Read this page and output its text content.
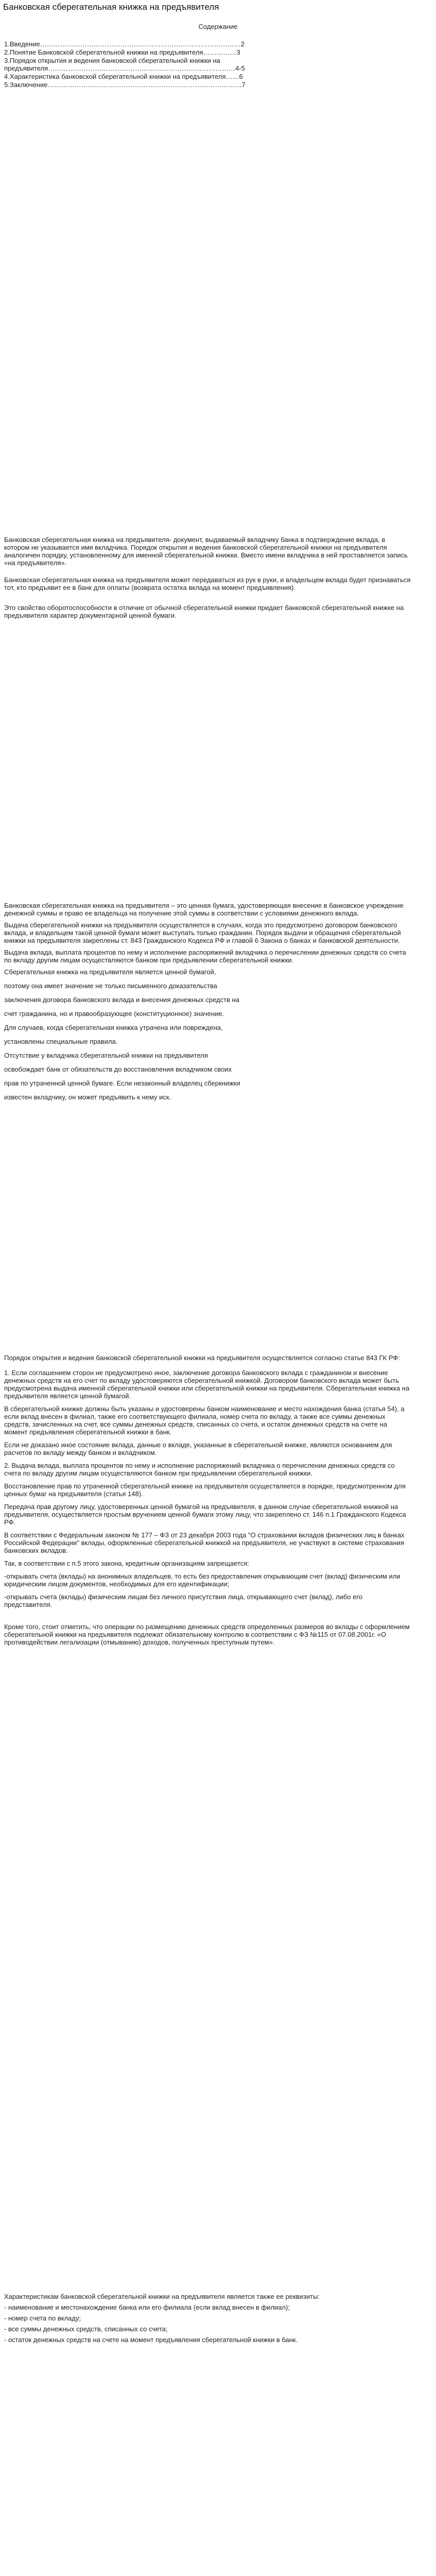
Банковская сберегательная книжка на предъявителя
Содержание
1.Введение………………………………………………………………………………2
2.Понятие Банковской сберегательной книжки на предъявителя……………3
3.Порядок открытия и ведения банковской сберегательной книжки на предъявителя…………………………………………………………………………4-5
4.Характеристика банковской сберегательной книжки на предъявителя……6
5.Заключение……………………………………………………………………………7

Банковская сберегательная книжка на предъявителя- документ, выдаваемый вкладчику банка в подтверждение вклада, в котором не указывается имя вкладчика. Порядок открытия и ведения банковской сберегательной книжки на предъявителя аналогичен порядку, установленному для именной сберегательной книжки. Вместо имени вкладчика в ней проставляется запись «на предъявителя».

Банковская сберегательная книжка на предъявителя может передаваться из рук в руки, и владельцем вклада будет признаваться тот, кто предъявит ее в банк для оплаты (возврата остатка вклада на момент предъявления).

Это свойство оборотоспособности в отличие от обычной сберегательной книжки придает банковской сберегательной книжке на предъявителя характер документарной ценной бумаги.

Банковская сберегательная книжка на предъявителя – это ценная бумага, удостоверяющая внесение в банковское учреждение денежной суммы и право ее владельца на получение этой суммы в соответствии с условиями денежного вклада.

Выдача сберегательной книжки на предъявителя осуществляется в случаях, когда это предусмотрено договором банковского вклада, и владельцем такой ценной бумаги может выступать только гражданин. Порядок выдачи и обращения сберегательной книжки на предъявителя закреплены ст. 843 Гражданского Кодекса РФ и главой 6 Закона о банках и банковской деятельности.

Выдача вклада, выплата процентов по нему и исполнение распоряжений вкладчика о перечислении денежных средств со счета по вкладу другим лицам осуществляются банком при предъявлении сберегательной книжки.

Сберегательная книжка на предъявителя является ценной бумагой,

поэтому она имеет значение не только письменного доказательства

заключения договора банковского вклада и внесения денежных средств на

счет гражданина, но и правообразующее (конституционное) значение.

Для случаев, когда сберегательная книжка утрачена или повреждена,

установлены специальные правила.

Отсутствие у вкладчика сберегательной книжки на предъявителя

освобождает банк от обязательств до восстановления вкладчиком своих

прав по утраченной ценной бумаге. Если незаконный владелец сберкнижки

известен вкладчику, он может предъявить к нему иск.

Порядок открытия и ведения банковской сберегательной книжки на предъявителя осуществляется согласно статье 843 ГК РФ:

1. Если соглашением сторон не предусмотрено иное, заключение договора банковского вклада с гражданином и внесение денежных средств на его счет по вкладу удостоверяются сберегательной книжкой. Договором банковского вклада может быть предусмотрена выдача именной сберегательной книжки или сберегательной книжки на предъявителя. Сберегательная книжка на предъявителя является ценной бумагой.

В сберегательной книжке должны быть указаны и удостоверены банком наименование и место нахождения банка (статья 54), а если вклад внесен в филиал, также его соответствующего филиала, номер счета по вкладу, а также все суммы денежных средств, зачисленных на счет, все суммы денежных средств, списанных со счета, и остаток денежных средств на счете на момент предъявления сберегательной книжки в банк.

Если не доказано иное состояние вклада, данные о вкладе, указанные в сберегательной книжке, являются основанием для расчетов по вкладу между банком и вкладчиком.

2. Выдача вклада, выплата процентов по нему и исполнение распоряжений вкладчика о перечислении денежных средств со счета по вкладу другим лицам осуществляются банком при предъявлении сберегательной книжки.

Восстановление прав по утраченной сберегательной книжке на предъявителя осуществляется в порядке, предусмотренном для ценных бумаг на предъявителя (статья 148).

Передача прав другому лицу, удостоверенных ценной бумагой на предъявителя, в данном случае сберегательной книжкой на предъявителя, осуществляется простым вручением ценной бумаги этому лицу, что закреплено ст. 146 п.1 Гражданского Кодекса РФ.

В соответствии с Федеральным законом № 177 – ФЗ от 23 декабря 2003 года "О страховании вкладов физических лиц в банках Российской Федерации" вклады, оформленные сберегательной книжкой на предъявителя, не участвуют в системе страхования банковских вкладов.

Так, в соответствии с п.5 этого закона, кредитным организациям запрещается:

-открывать счета (вклады) на анонимных владельцев, то есть без предоставления открывающим счет (вклад) физическим или юридическим лицом документов, необходимых для его идентификации;

-открывать счета (вклады) физическим лицам без личного присутствия лица, открывающего счет (вклад), либо его представителя.

Кроме того, стоит отметить, что операции по размещению денежных средств определенных размеров во вклады с оформлением сберегательной книжки на предъявителя подлежат обязательному контролю в соответствии с ФЗ №115 от 07.08.2001г. «О противодействии легализации (отмыванию) доходов, полученных преступным путем».

Характеристикам банковской сберегательной книжки на предъявителя является также ее реквизиты:

- наименование и местонахождение банка или его филиала (если вклад внесен в филиал);

- номер счета по вкладу;

- все суммы денежных средств, списанных со счета;

- остаток денежных средств на счете на момент предъявления сберегательной книжки в банк.
